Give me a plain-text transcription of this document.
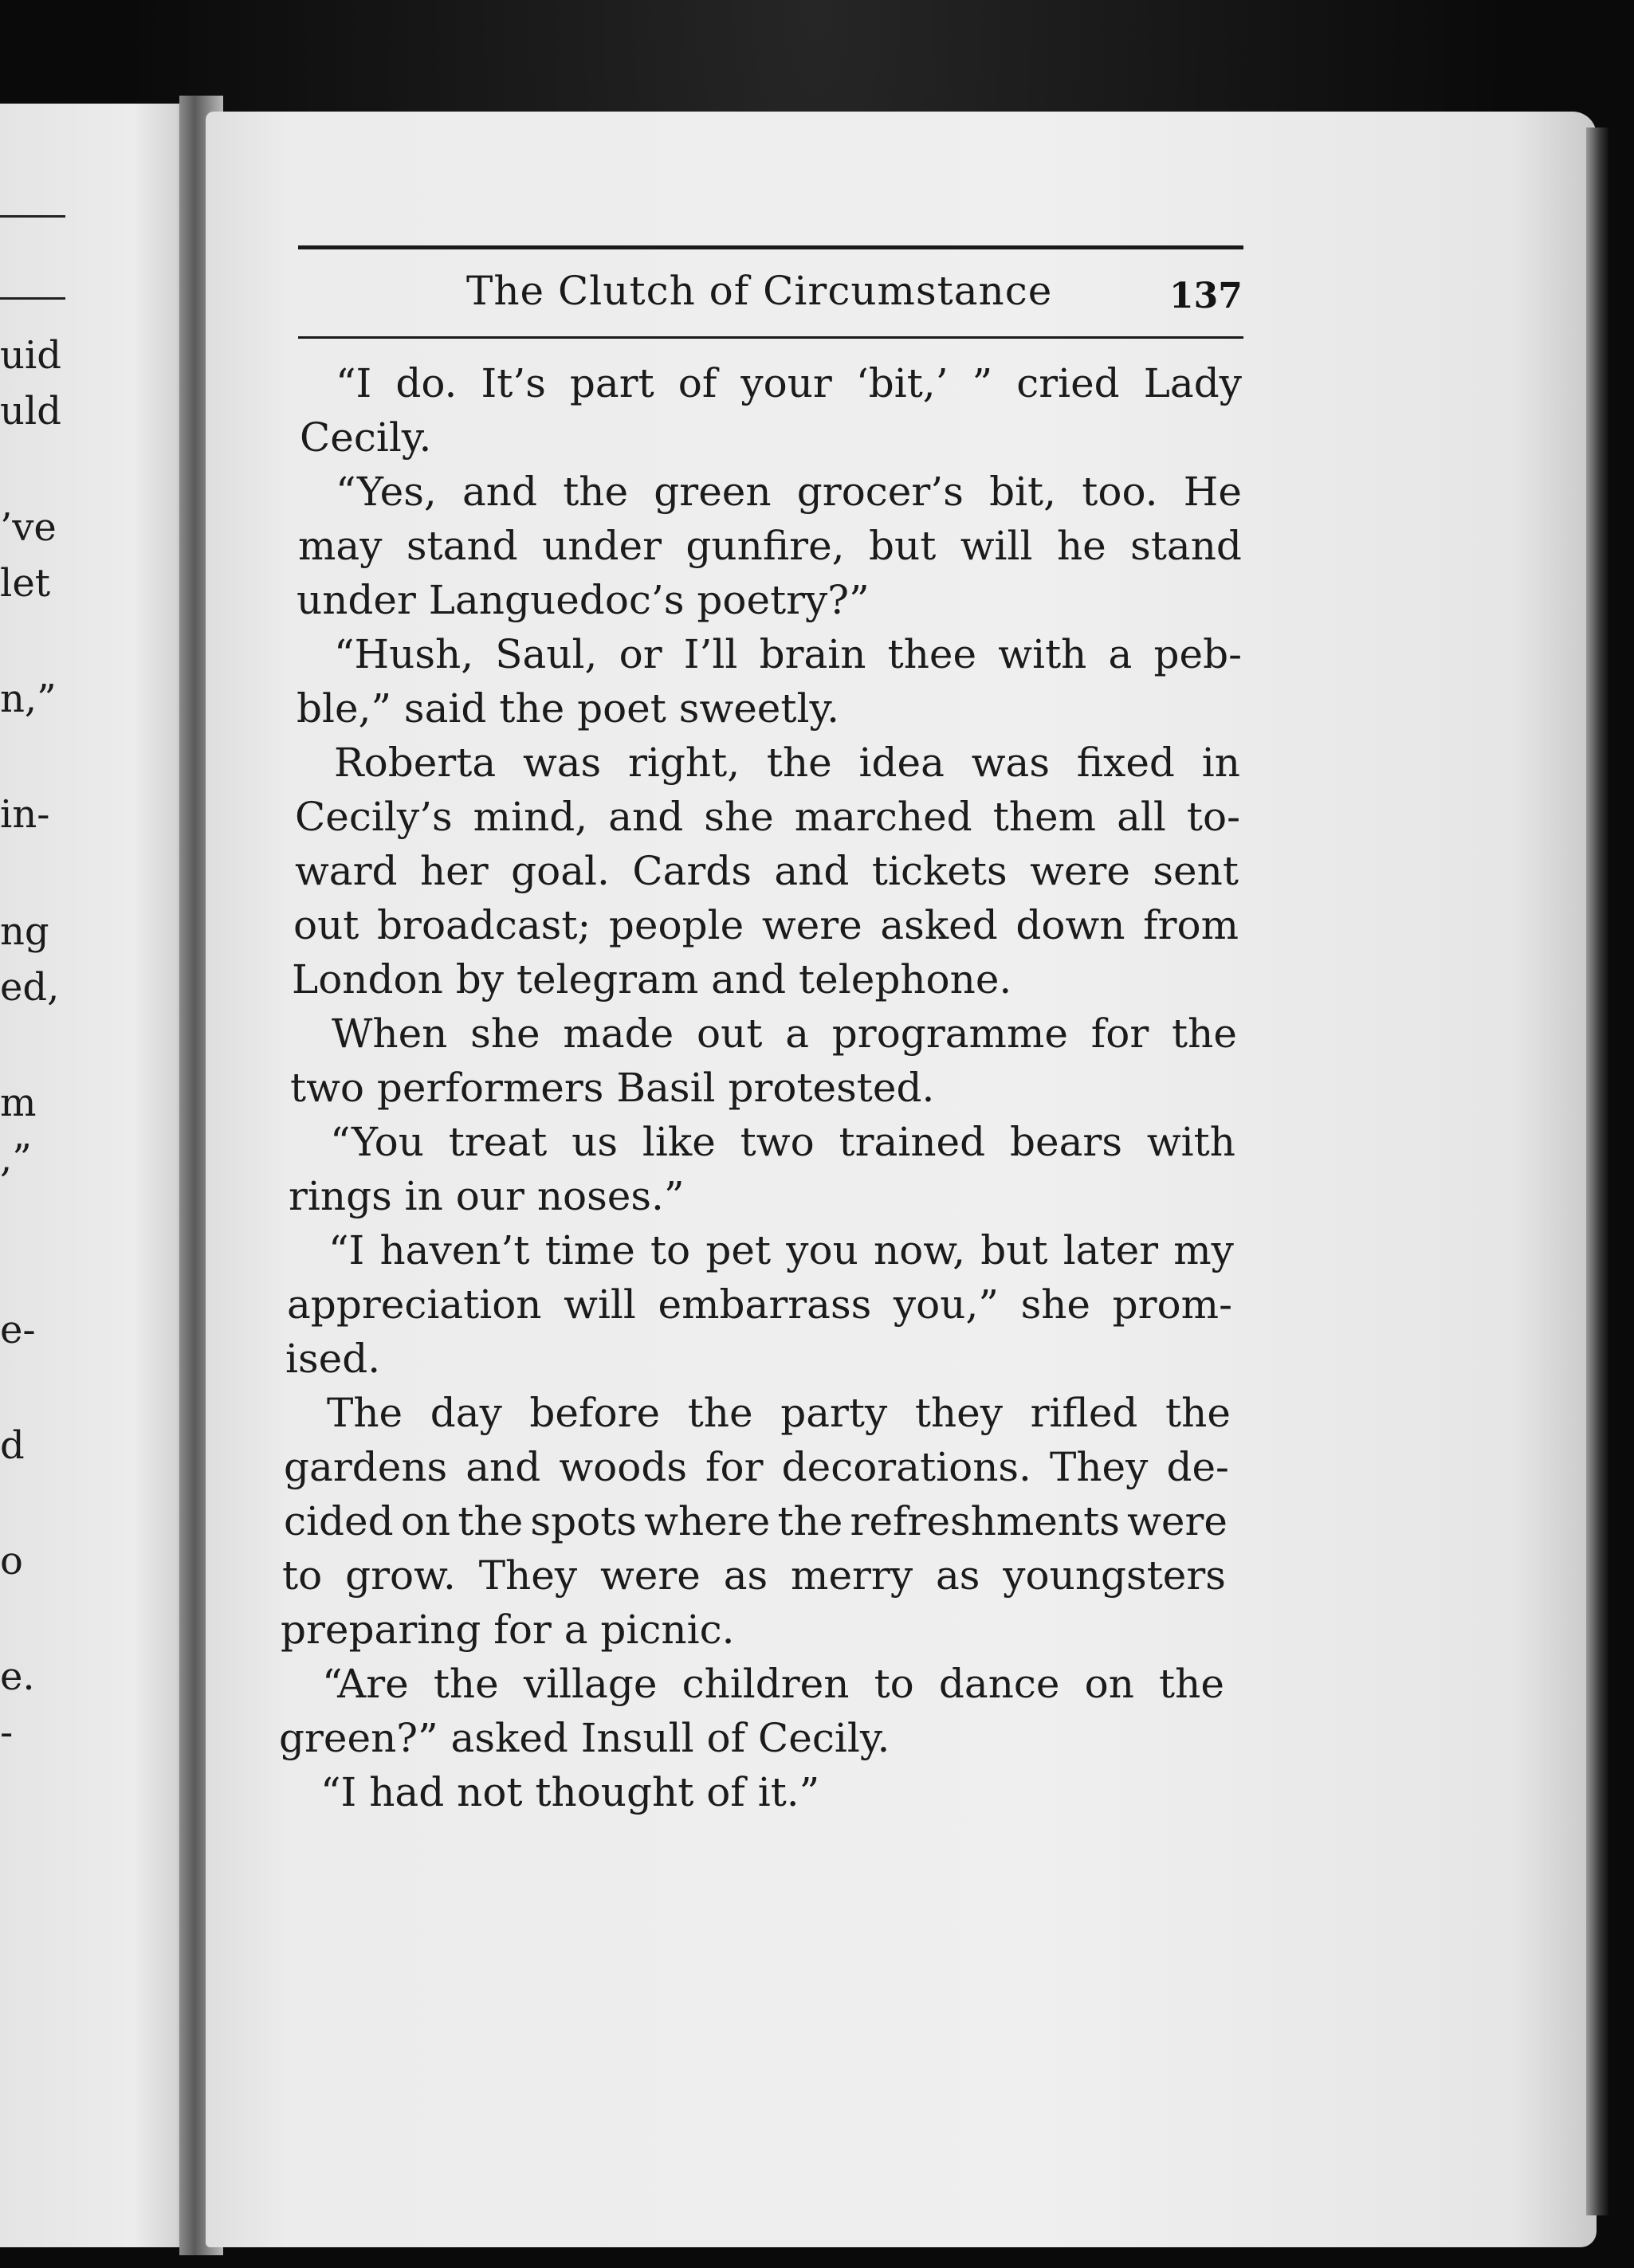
uid
uld
’ve
let
n,”
in-
ng
ed,
m
,”
e-
d
o
e.
-
The Clutch of Circumstance	137
“I do. It’s part of your ‘bit,’ ” cried Lady
Cecily.
“Yes, and the green grocer’s bit, too. He
may stand under gunfire, but will he stand
under Languedoc’s poetry?”
“Hush, Saul, or I’ll brain thee with a peb-
ble,” said the poet sweetly.
Roberta was right, the idea was fixed in
Cecily’s mind, and she marched them all to-
ward her goal. Cards and tickets were sent
out broadcast; people were asked down from
London by telegram and telephone.
When she made out a programme for the
two performers Basil protested.
“You treat us like two trained bears with
rings in our noses.”
“I haven’t time to pet you now, but later my
appreciation will embarrass you,” she prom-
ised.
The day before the party they rifled the
gardens and woods for decorations. They de-
cided on the spots where the refreshments were
to grow. They were as merry as youngsters
preparing for a picnic.
“Are the village children to dance on the
green?” asked Insull of Cecily.
“I had not thought of it.”
